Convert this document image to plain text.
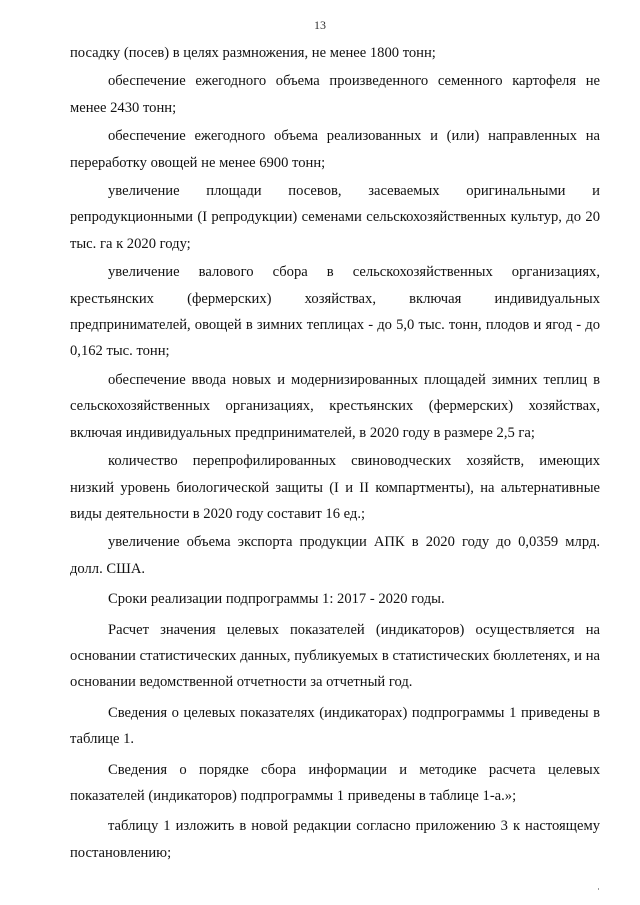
13

посадку (посев) в целях размножения, не менее 1800 тонн;

обеспечение ежегодного объема произведенного семенного картофеля не менее 2430 тонн;

обеспечение ежегодного объема реализованных и (или) направленных на переработку овощей не менее 6900 тонн;

увеличение площади посевов, засеваемых оригинальными и репродукционными (I репродукции) семенами сельскохозяйственных культур, до 20 тыс. га к 2020 году;

увеличение валового сбора в сельскохозяйственных организациях, крестьянских (фермерских) хозяйствах, включая индивидуальных предпринимателей, овощей в зимних теплицах - до 5,0 тыс. тонн, плодов и ягод - до 0,162 тыс. тонн;

обеспечение ввода новых и модернизированных площадей зимних теплиц в сельскохозяйственных организациях, крестьянских (фермерских) хозяйствах, включая индивидуальных предпринимателей, в 2020 году в размере 2,5 га;

количество перепрофилированных свиноводческих хозяйств, имеющих низкий уровень биологической защиты (I и II компартменты), на альтернативные виды деятельности в 2020 году составит 16 ед.;

увеличение объема экспорта продукции АПК в 2020 году до 0,0359 млрд. долл. США.

Сроки реализации подпрограммы 1: 2017 - 2020 годы.

Расчет значения целевых показателей (индикаторов) осуществляется на основании статистических данных, публикуемых в статистических бюллетенях, и на основании ведомственной отчетности за отчетный год.

Сведения о целевых показателях (индикаторах) подпрограммы 1 приведены в таблице 1.

Сведения о порядке сбора информации и методике расчета целевых показателей (индикаторов) подпрограммы 1 приведены в таблице 1-а.»;

таблицу 1 изложить в новой редакции согласно приложению 3 к настоящему постановлению;
